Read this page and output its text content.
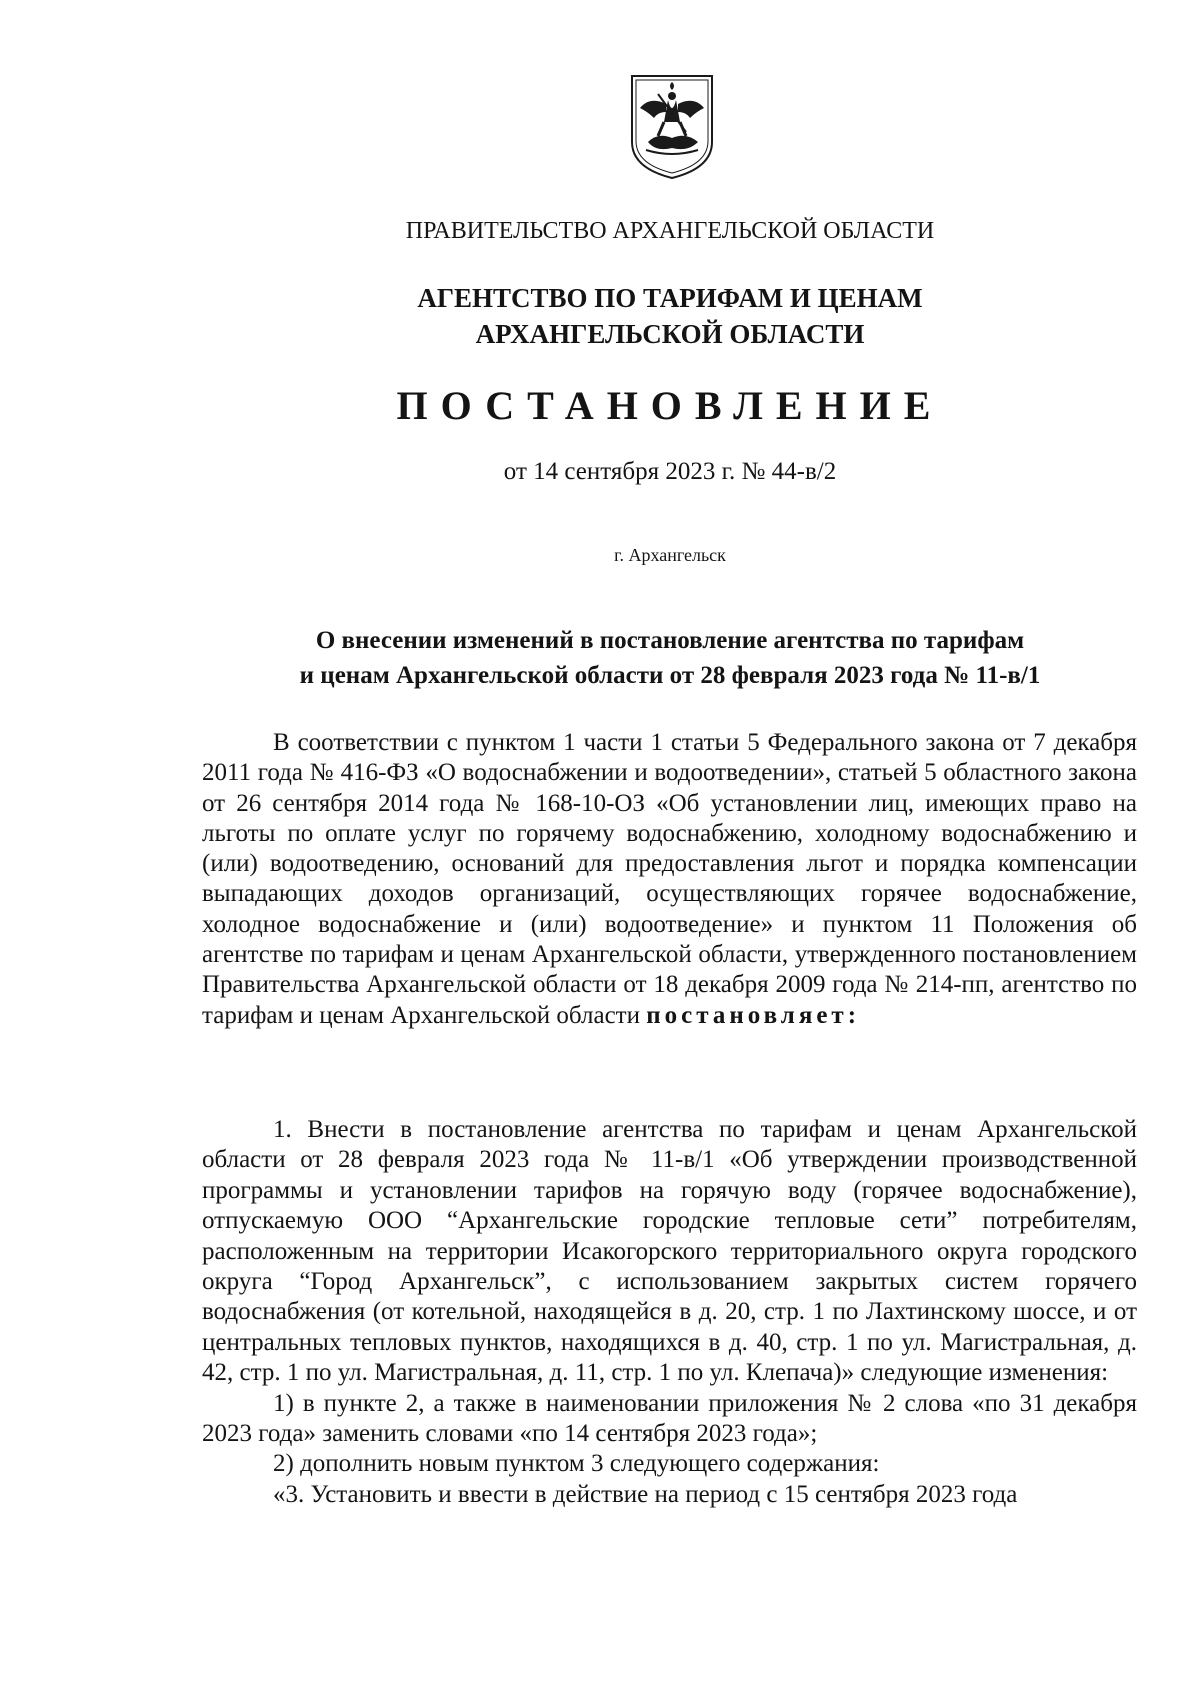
ПРАВИТЕЛЬСТВО АРХАНГЕЛЬСКОЙ ОБЛАСТИ
АГЕНТСТВО ПО ТАРИФАМ И ЦЕНАМ
АРХАНГЕЛЬСКОЙ ОБЛАСТИ
ПОСТАНОВЛЕНИЕ
от 14 сентября 2023 г. № 44-в/2
г. Архангельск
О внесении изменений в постановление агентства по тарифам
и ценам Архангельской области от 28 февраля 2023 года № 11-в/1

В соответствии с пунктом 1 части 1 статьи 5 Федерального закона от 7 декабря 2011 года № 416-ФЗ «О водоснабжении и водоотведении», статьей 5 областного закона от 26 сентября 2014 года № 168-10-ОЗ «Об установлении лиц, имеющих право на льготы по оплате услуг по горячему водоснабжению, холодному водоснабжению и (или) водоотведению, оснований для предоставления льгот и порядка компенсации выпадающих доходов организаций, осуществляющих горячее водоснабжение, холодное водоснабжение и (или) водоотведение» и пунктом 11 Положения об агентстве по тарифам и ценам Архангельской области, утвержденного постановлением Правительства Архангельской области от 18 декабря 2009 года № 214-пп, агентство по тарифам и ценам Архангельской области постановляет:

1. Внести в постановление агентства по тарифам и ценам Архангельской области от 28 февраля 2023 года № 11-в/1 «Об утверждении производственной программы и установлении тарифов на горячую воду (горячее водоснабжение), отпускаемую ООО “Архангельские городские тепловые сети” потребителям, расположенным на территории Исакогорского территориального округа городского округа “Город Архангельск”, с использованием закрытых систем горячего водоснабжения (от котельной, находящейся в д. 20, стр. 1 по Лахтинскому шоссе, и от центральных тепловых пунктов, находящихся в д. 40, стр. 1 по ул. Магистральная, д. 42, стр. 1 по ул. Магистральная, д. 11, стр. 1 по ул. Клепача)» следующие изменения:

1) в пункте 2, а также в наименовании приложения № 2 слова «по 31 декабря 2023 года» заменить словами «по 14 сентября 2023 года»;

2) дополнить новым пунктом 3 следующего содержания:

«3. Установить и ввести в действие на период с 15 сентября 2023 года
